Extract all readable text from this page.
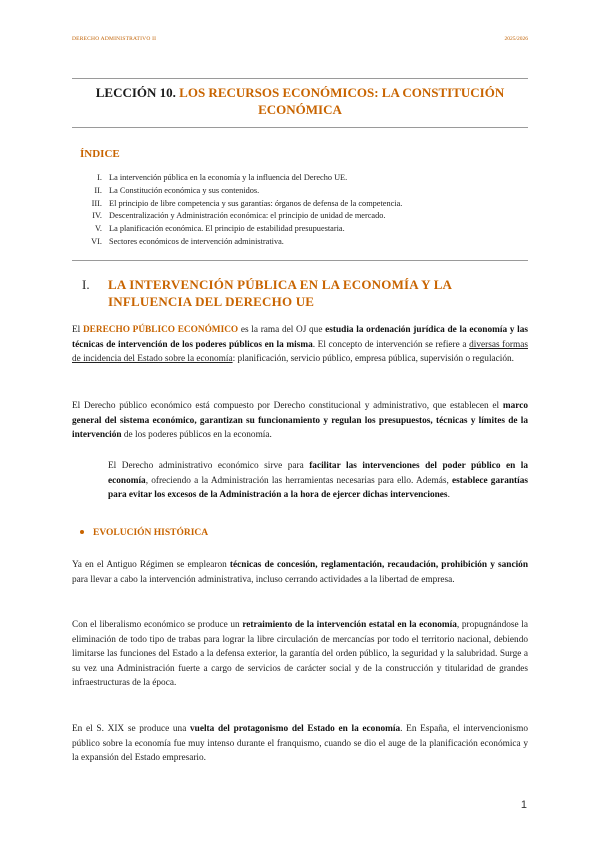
DERECHO ADMINISTRATIVO II	2025/2026
LECCIÓN 10. LOS RECURSOS ECONÓMICOS: LA CONSTITUCIÓN ECONÓMICA
ÍNDICE
I. La intervención pública en la economía y la influencia del Derecho UE.
II. La Constitución económica y sus contenidos.
III. El principio de libre competencia y sus garantías: órganos de defensa de la competencia.
IV. Descentralización y Administración económica: el principio de unidad de mercado.
V. La planificación económica. El principio de estabilidad presupuestaria.
VI. Sectores económicos de intervención administrativa.
I. LA INTERVENCIÓN PÚBLICA EN LA ECONOMÍA Y LA INFLUENCIA DEL DERECHO UE

El DERECHO PÚBLICO ECONÓMICO es la rama del OJ que estudia la ordenación jurídica de la economía y las técnicas de intervención de los poderes públicos en la misma. El concepto de intervención se refiere a diversas formas de incidencia del Estado sobre la economía: planificación, servicio público, empresa pública, supervisión o regulación.

El Derecho público económico está compuesto por Derecho constitucional y administrativo, que establecen el marco general del sistema económico, garantizan su funcionamiento y regulan los presupuestos, técnicas y límites de la intervención de los poderes públicos en la economía.

El Derecho administrativo económico sirve para facilitar las intervenciones del poder público en la economía, ofreciendo a la Administración las herramientas necesarias para ello. Además, establece garantías para evitar los excesos de la Administración a la hora de ejercer dichas intervenciones.

EVOLUCIÓN HISTÓRICA

Ya en el Antiguo Régimen se emplearon técnicas de concesión, reglamentación, recaudación, prohibición y sanción para llevar a cabo la intervención administrativa, incluso cerrando actividades a la libertad de empresa.

Con el liberalismo económico se produce un retraimiento de la intervención estatal en la economía, propugnándose la eliminación de todo tipo de trabas para lograr la libre circulación de mercancías por todo el territorio nacional, debiendo limitarse las funciones del Estado a la defensa exterior, la garantía del orden público, la seguridad y la salubridad. Surge a su vez una Administración fuerte a cargo de servicios de carácter social y de la construcción y titularidad de grandes infraestructuras de la época.

En el S. XIX se produce una vuelta del protagonismo del Estado en la economía. En España, el intervencionismo público sobre la economía fue muy intenso durante el franquismo, cuando se dio el auge de la planificación económica y la expansión del Estado empresario.

1
